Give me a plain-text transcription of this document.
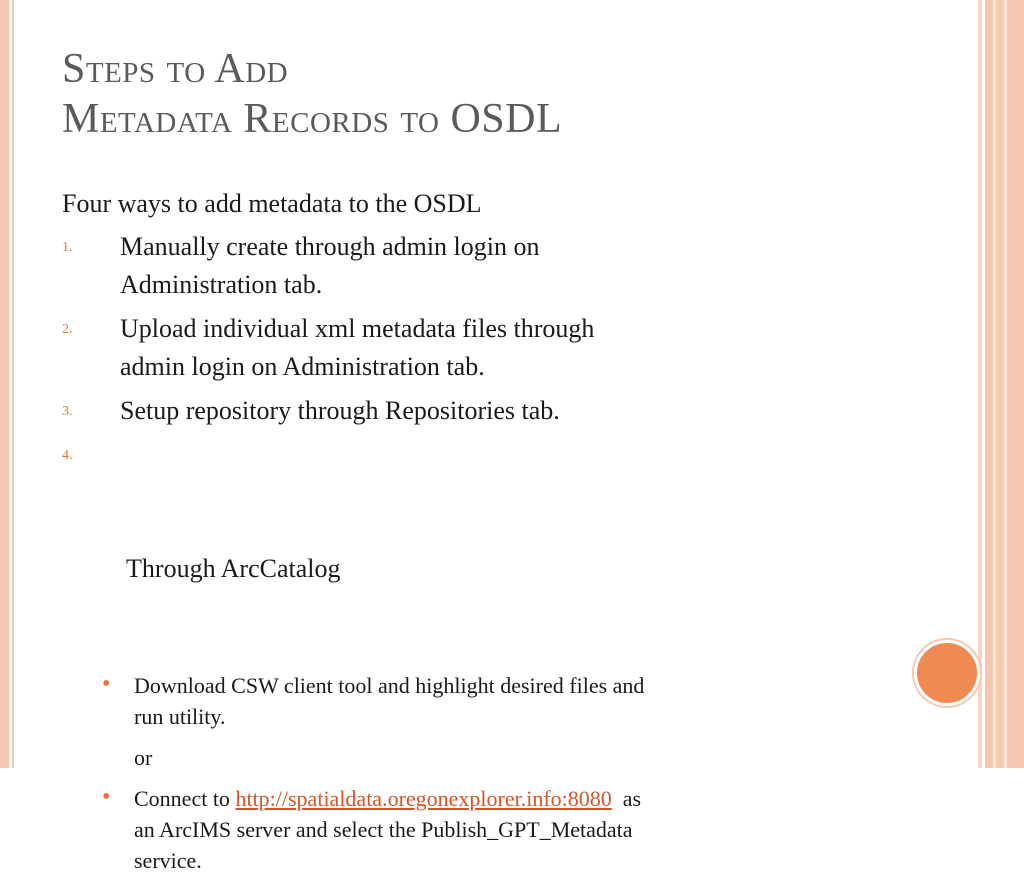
Steps to Add
Metadata Records to OSDL
Four ways to add metadata to the OSDL
1. Manually create through admin login on
Administration tab.
2. Upload individual xml metadata files through
admin login on Administration tab.
3. Setup repository through Repositories tab.

4.

Through ArcCatalog

• Download CSW client tool and highlight desired files and
run utility.
or
• Connect to http://spatialdata.oregonexplorer.info:8080  as
an ArcIMS server and select the Publish_GPT_Metadata
service.
